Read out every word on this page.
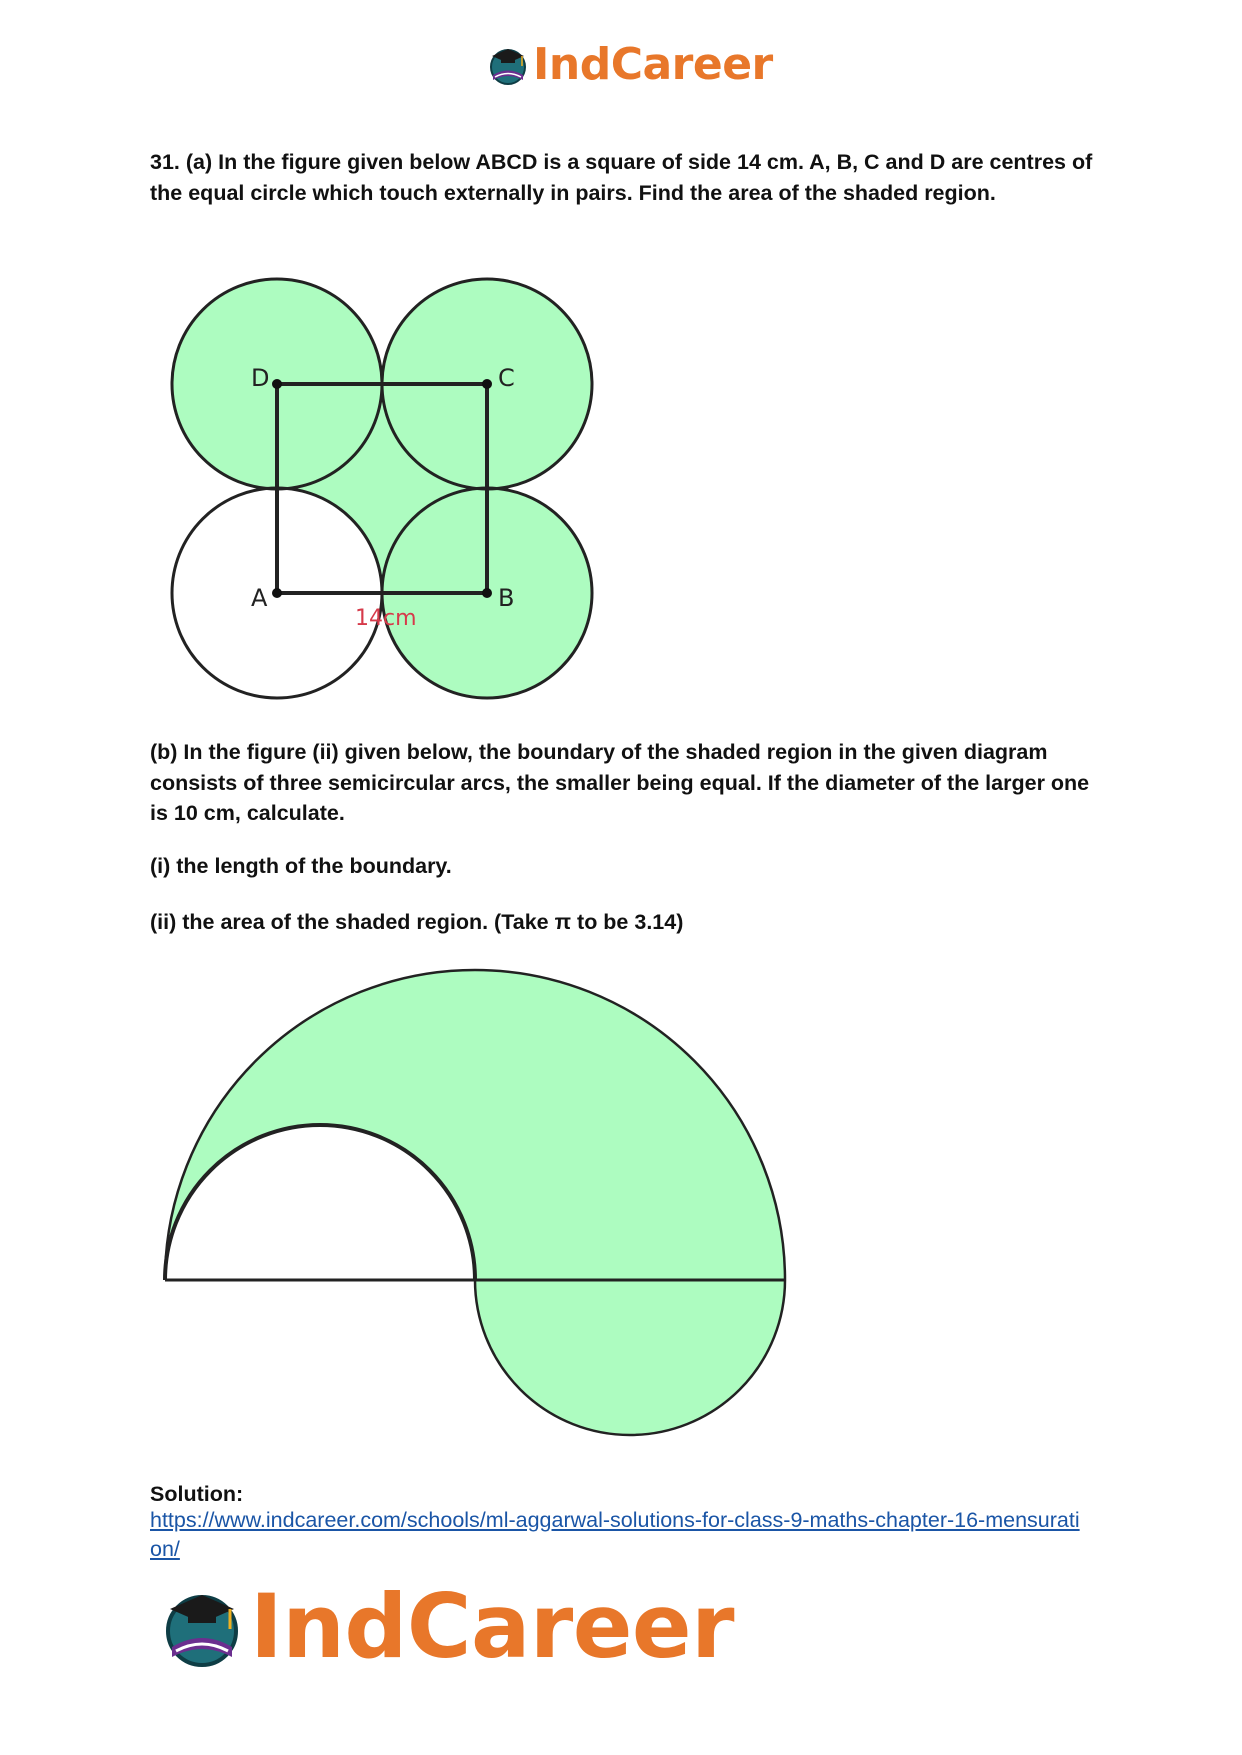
IndCareer

31. (a) In the figure given below ABCD is a square of side 14 cm. A, B, C and D are centres of the equal circle which touch externally in pairs. Find the area of the shaded region.

D	C
A	B
14cm

(b) In the figure (ii) given below, the boundary of the shaded region in the given diagram consists of three semicircular arcs, the smaller being equal. If the diameter of the larger one is 10 cm, calculate.

(i) the length of the boundary.

(ii) the area of the shaded region. (Take π to be 3.14)

Solution:
https://www.indcareer.com/schools/ml-aggarwal-solutions-for-class-9-maths-chapter-16-mensuration/
IndCareer
